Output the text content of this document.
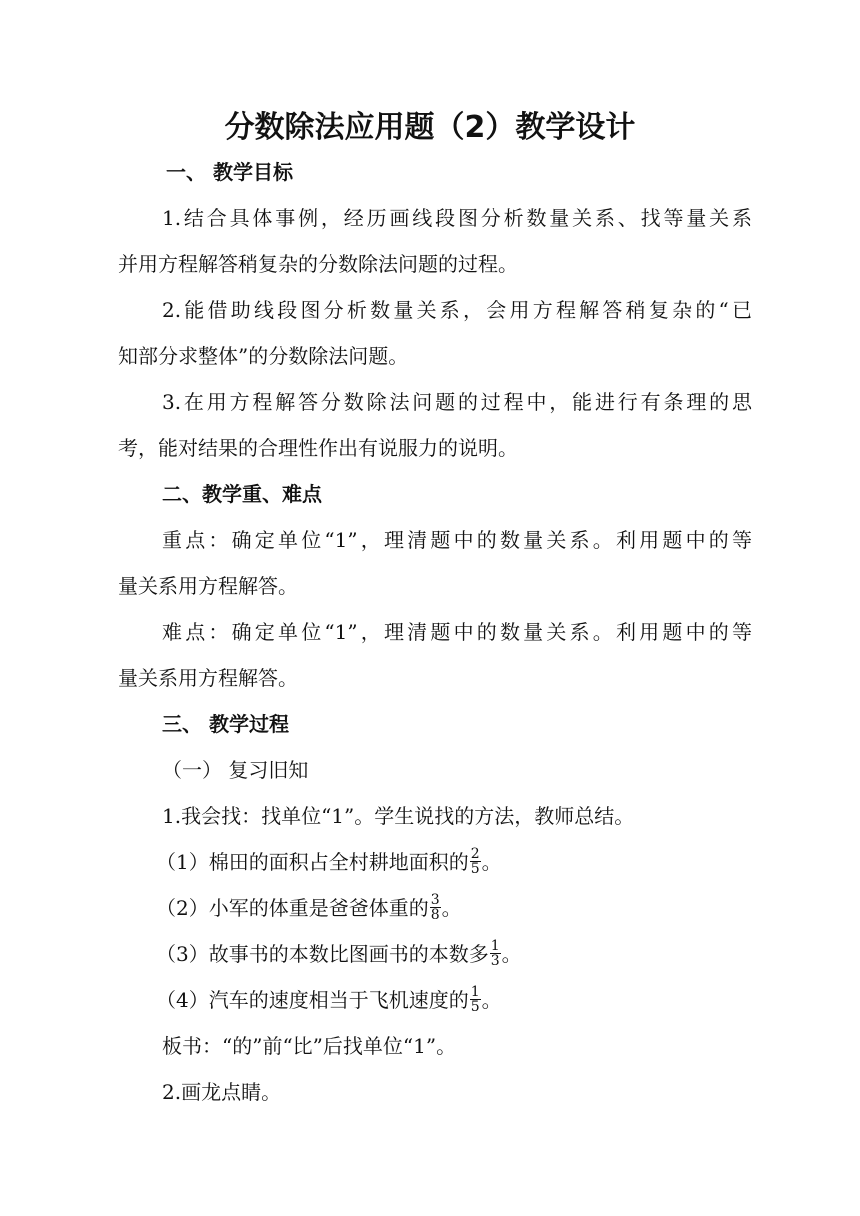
分数除法应用题（2）教学设计
一、 教学目标
1.结合具体事例，经历画线段图分析数量关系、找等量关系
并用方程解答稍复杂的分数除法问题的过程。
2.能借助线段图分析数量关系，会用方程解答稍复杂的“已
知部分求整体”的分数除法问题。
3.在用方程解答分数除法问题的过程中，能进行有条理的思
考，能对结果的合理性作出有说服力的说明。
二、教学重、难点
重点：确定单位“1”，理清题中的数量关系。利用题中的等
量关系用方程解答。
难点：确定单位“1”，理清题中的数量关系。利用题中的等
量关系用方程解答。
三、 教学过程
（一） 复习旧知
1.我会找：找单位“1”。学生说找的方法，教师总结。
（1）棉田的面积占全村耕地面积的 $\frac{2}{5}$ 。
（2）小军的体重是爸爸体重的 $\frac{3}{8}$ 。
（3）故事书的本数比图画书的本数多 $\frac{1}{3}$ 。
（4）汽车的速度相当于飞机速度的 $\frac{1}{5}$ 。
板书：“的”前“比”后找单位“1”。
2.画龙点睛。
